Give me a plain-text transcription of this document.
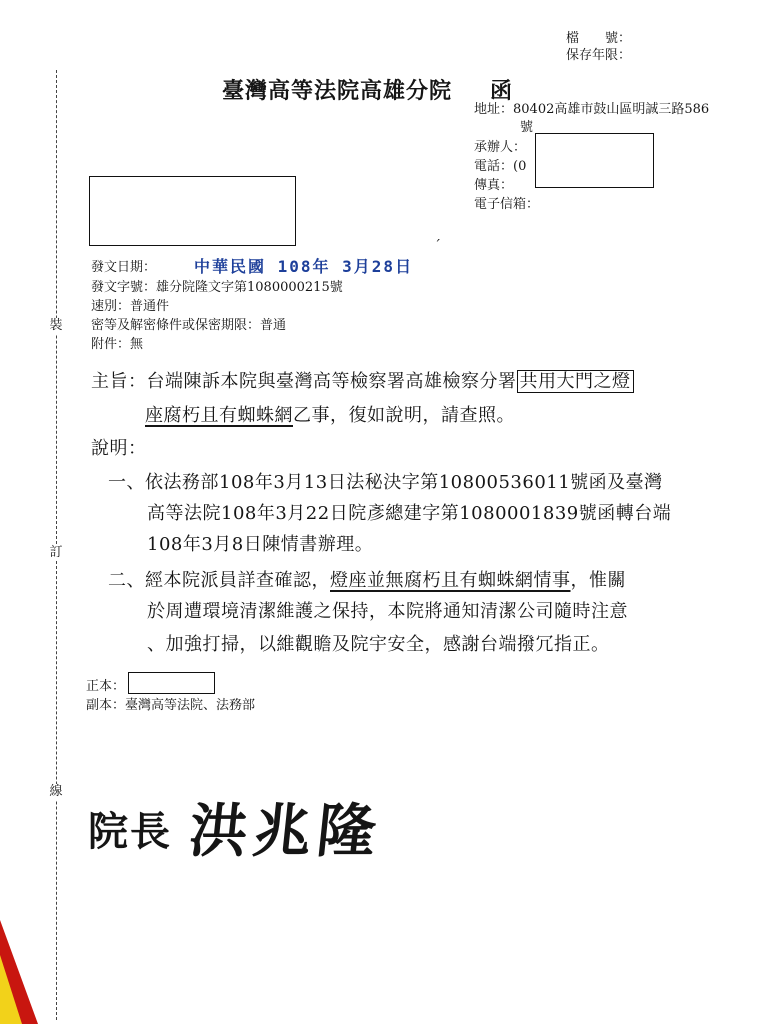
裝
訂
線
檔　　號：
保存年限：
臺灣高等法院高雄分院 函
地址：80402高雄市鼓山區明誠三路586
號
承辦人：
電話：(0
傳真：
電子信箱：
ˊ
發文日期： 中華民國 108年 3月28日
發文字號：雄分院隆文字第1080000215號
速別：普通件
密等及解密條件或保密期限：普通
附件：無
主旨：台端陳訴本院與臺灣高等檢察署高雄檢察分署 共用大門之燈
座腐朽且有蜘蛛網乙事，復如說明，請查照。
說明：
一、依法務部108年3月13日法秘決字第10800536011號函及臺灣
高等法院108年3月22日院彥總建字第1080001839號函轉台端
108年3月8日陳情書辦理。
二、經本院派員詳查確認，燈座並無腐朽且有蜘蛛網情事，惟關
於周遭環境清潔維護之保持，本院將通知清潔公司隨時注意
、加強打掃，以維觀瞻及院宇安全，感謝台端撥冗指正。
正本：
副本：臺灣高等法院、法務部
院長 洪兆隆
